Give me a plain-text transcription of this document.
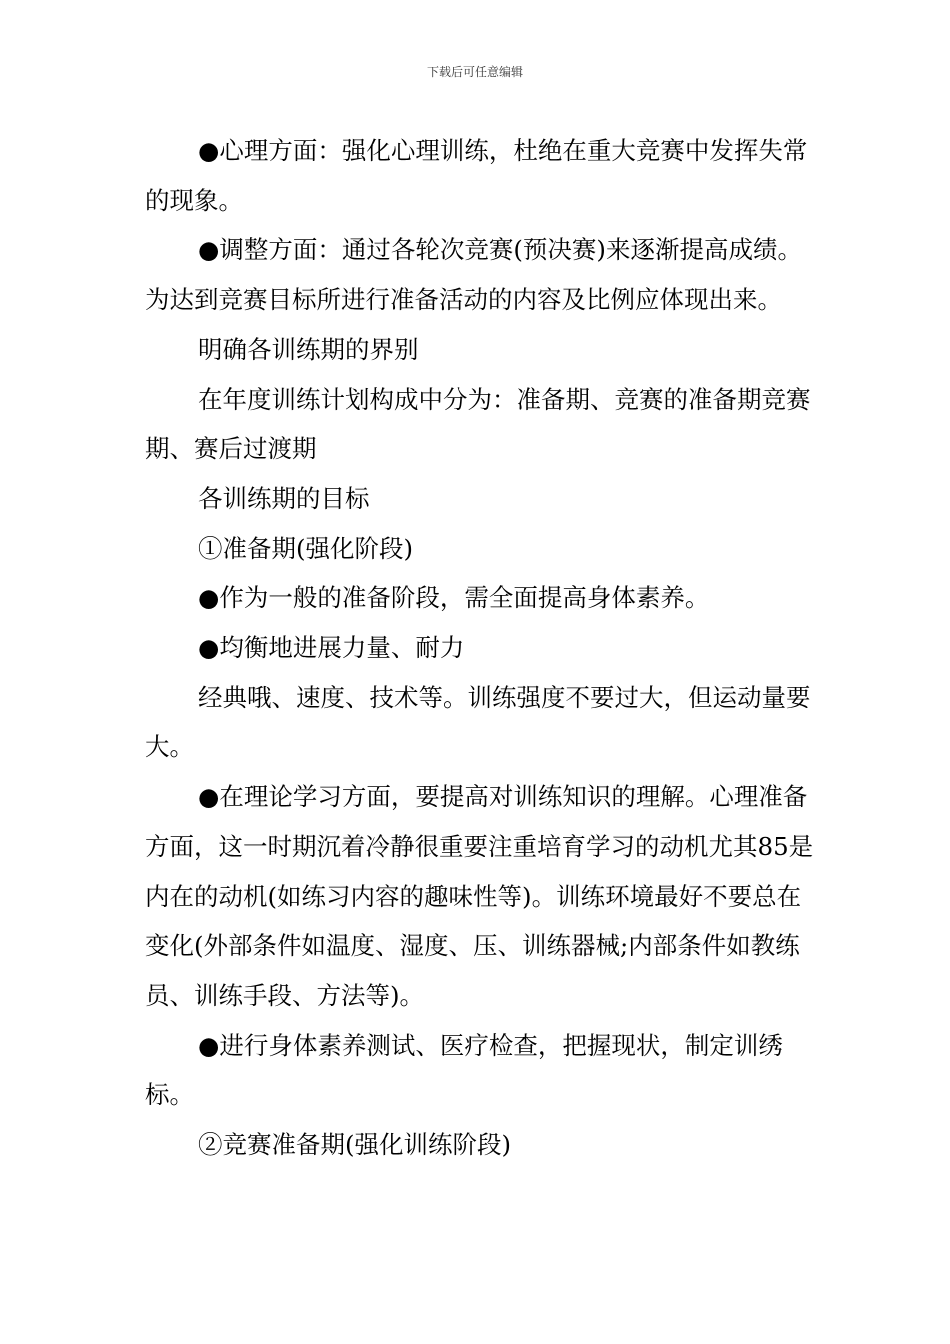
下载后可任意编辑

●心理方面：强化心理训练，杜绝在重大竞赛中发挥失常的现象。

●调整方面：通过各轮次竞赛(预决赛)来逐渐提高成绩。为达到竞赛目标所进行准备活动的内容及比例应体现出来。

明确各训练期的界别

在年度训练计划构成中分为：准备期、竞赛的准备期竞赛期、赛后过渡期

各训练期的目标

①准备期(强化阶段)

●作为一般的准备阶段，需全面提高身体素养。

●均衡地进展力量、耐力

经典哦、速度、技术等。训练强度不要过大，但运动量要大。

●在理论学习方面，要提高对训练知识的理解。心理准备方面，这一时期沉着冷静很重要注重培育学习的动机尤其85是内在的动机(如练习内容的趣味性等)。训练环境最好不要总在变化(外部条件如温度、湿度、压、训练器械;内部条件如教练员、训练手段、方法等)。

●进行身体素养测试、医疗检查，把握现状，制定训绣标。

②竞赛准备期(强化训练阶段)
